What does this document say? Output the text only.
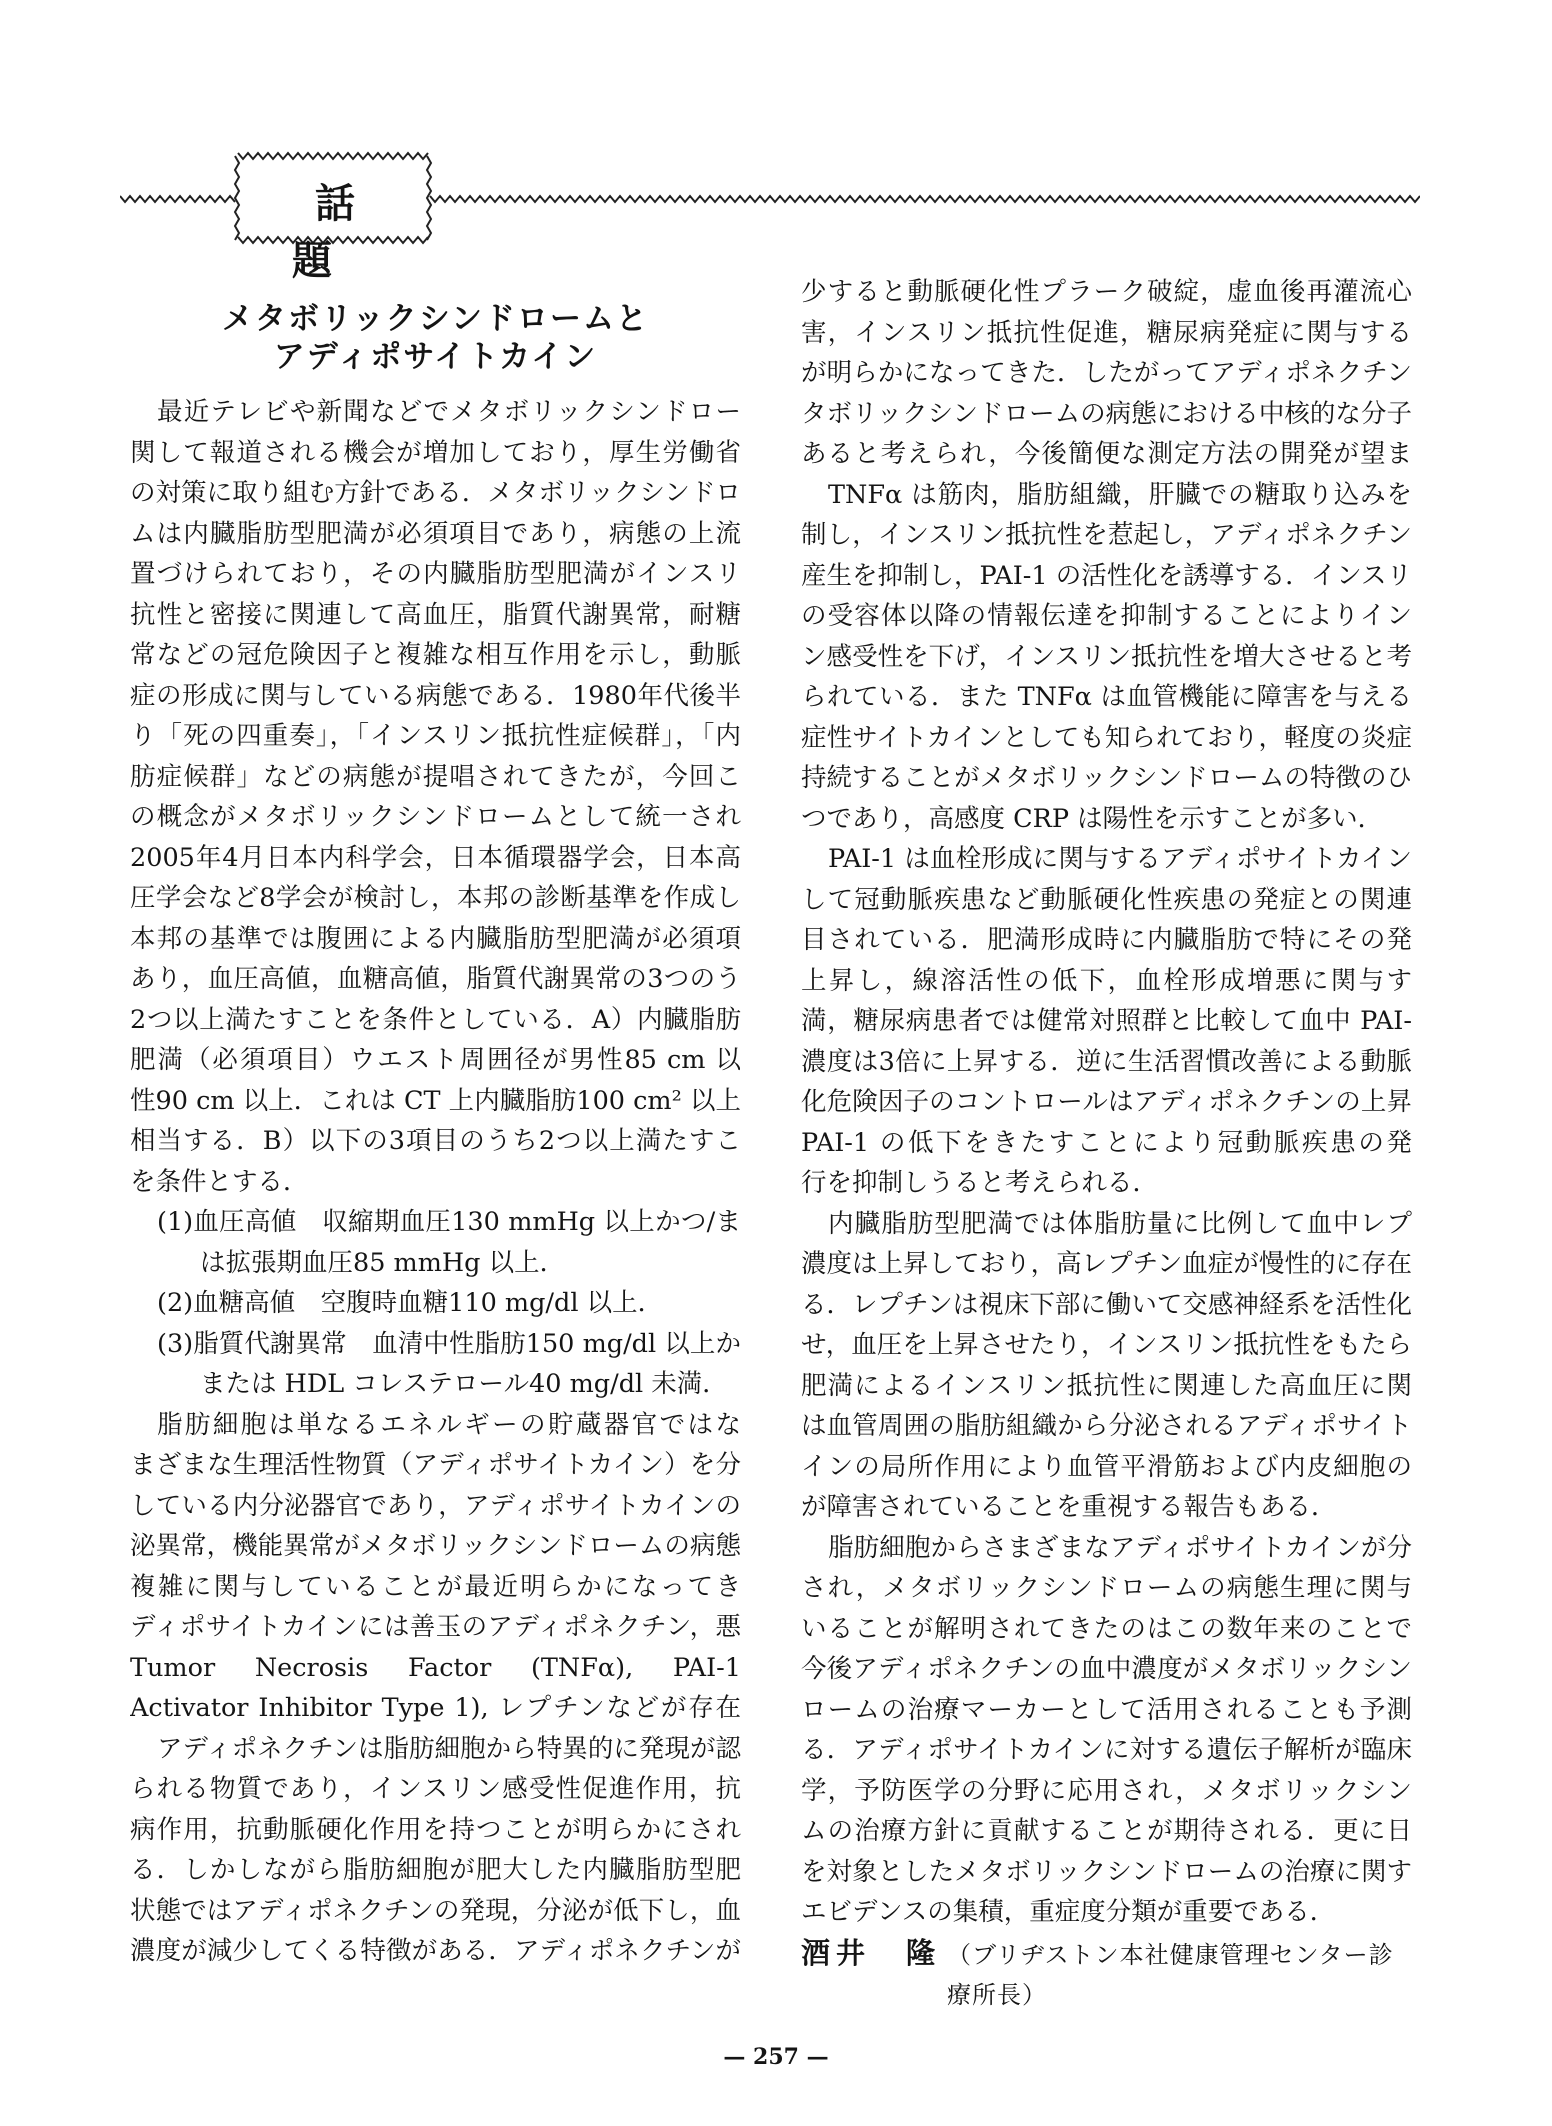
話題
メタボリックシンドロームと
アディポサイトカイン
最近テレビや新聞などでメタボリックシンドロー
関して報道される機会が増加しており，厚生労働省
の対策に取り組む方針である．メタボリックシンドロ
ムは内臓脂肪型肥満が必須項目であり，病態の上流
置づけられており，その内臓脂肪型肥満がインスリ
抗性と密接に関連して高血圧，脂質代謝異常，耐糖
常などの冠危険因子と複雑な相互作用を示し，動脈
症の形成に関与している病態である．1980年代後半
り「死の四重奏」，「インスリン抵抗性症候群」，「内
肪症候群」などの病態が提唱されてきたが，今回こ
の概念がメタボリックシンドロームとして統一され
2005年4月日本内科学会，日本循環器学会，日本高
圧学会など8学会が検討し，本邦の診断基準を作成し
本邦の基準では腹囲による内臓脂肪型肥満が必須項
あり，血圧高値，血糖高値，脂質代謝異常の3つのう
2つ以上満たすことを条件としている．A）内臓脂肪
肥満（必須項目）ウエスト周囲径が男性85 cm 以
性90 cm 以上．これは CT 上内臓脂肪100 cm² 以上
相当する．B）以下の3項目のうち2つ以上満たすこ
を条件とする．
(1)血圧高値　収縮期血圧130 mmHg 以上かつ/ま
は拡張期血圧85 mmHg 以上．
(2)血糖高値　空腹時血糖110 mg/dl 以上．
(3)脂質代謝異常　血清中性脂肪150 mg/dl 以上か
または HDL コレステロール40 mg/dl 未満．
脂肪細胞は単なるエネルギーの貯蔵器官ではな
まざまな生理活性物質（アディポサイトカイン）を分
している内分泌器官であり，アディポサイトカインの
泌異常，機能異常がメタボリックシンドロームの病態
複雑に関与していることが最近明らかになってき
ディポサイトカインには善玉のアディポネクチン，悪
Tumor Necrosis Factor (TNFα), PAI-1
Activator Inhibitor Type 1), レプチンなどが存在
アディポネクチンは脂肪細胞から特異的に発現が認
られる物質であり，インスリン感受性促進作用，抗
病作用，抗動脈硬化作用を持つことが明らかにされ
る．しかしながら脂肪細胞が肥大した内臓脂肪型肥
状態ではアディポネクチンの発現，分泌が低下し，血
濃度が減少してくる特徴がある．アディポネクチンが
少すると動脈硬化性プラーク破綻，虚血後再灌流心
害，インスリン抵抗性促進，糖尿病発症に関与する
が明らかになってきた．したがってアディポネクチン
タボリックシンドロームの病態における中核的な分子
あると考えられ，今後簡便な測定方法の開発が望ま
TNFα は筋肉，脂肪組織，肝臓での糖取り込みを
制し，インスリン抵抗性を惹起し，アディポネクチン
産生を抑制し，PAI-1 の活性化を誘導する．インスリ
の受容体以降の情報伝達を抑制することによりイン
ン感受性を下げ，インスリン抵抗性を増大させると考
られている．また TNFα は血管機能に障害を与える
症性サイトカインとしても知られており，軽度の炎症
持続することがメタボリックシンドロームの特徴のひ
つであり，高感度 CRP は陽性を示すことが多い．
PAI-1 は血栓形成に関与するアディポサイトカイン
して冠動脈疾患など動脈硬化性疾患の発症との関連
目されている．肥満形成時に内臓脂肪で特にその発
上昇し，線溶活性の低下，血栓形成増悪に関与す
満，糖尿病患者では健常対照群と比較して血中 PAI-
濃度は3倍に上昇する．逆に生活習慣改善による動脈
化危険因子のコントロールはアディポネクチンの上昇
PAI-1 の低下をきたすことにより冠動脈疾患の発
行を抑制しうると考えられる．
内臓脂肪型肥満では体脂肪量に比例して血中レプ
濃度は上昇しており，高レプチン血症が慢性的に存在
る．レプチンは視床下部に働いて交感神経系を活性化
せ，血圧を上昇させたり，インスリン抵抗性をもたら
肥満によるインスリン抵抗性に関連した高血圧に関
は血管周囲の脂肪組織から分泌されるアディポサイト
インの局所作用により血管平滑筋および内皮細胞の
が障害されていることを重視する報告もある．
脂肪細胞からさまざまなアディポサイトカインが分
され，メタボリックシンドロームの病態生理に関与
いることが解明されてきたのはこの数年来のことで
今後アディポネクチンの血中濃度がメタボリックシン
ロームの治療マーカーとして活用されることも予測
る．アディポサイトカインに対する遺伝子解析が臨床
学，予防医学の分野に応用され，メタボリックシン
ムの治療方針に貢献することが期待される．更に日
を対象としたメタボリックシンドロームの治療に関す
エビデンスの集積，重症度分類が重要である．
酒井　隆 （ブリヂストン本社健康管理センター診療所長）
— 257 —
